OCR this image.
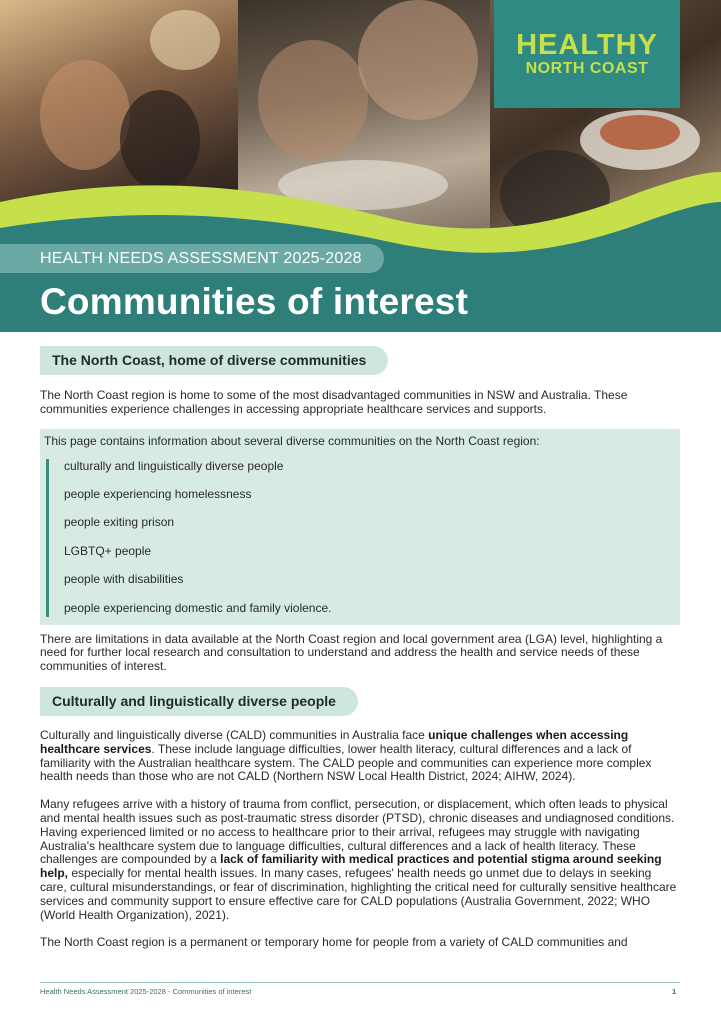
HEALTHY
NORTH COAST
HEALTH NEEDS ASSESSMENT 2025-2028
Communities of interest
The North Coast, home of diverse communities

The North Coast region is home to some of the most disadvantaged communities in NSW and Australia. These communities experience challenges in accessing appropriate healthcare services and supports.

This page contains information about several diverse communities on the North Coast region:
culturally and linguistically diverse people
people experiencing homelessness
people exiting prison
LGBTQ+ people
people with disabilities
people experiencing domestic and family violence.

There are limitations in data available at the North Coast region and local government area (LGA) level, highlighting a need for further local research and consultation to understand and address the health and service needs of these communities of interest.

Culturally and linguistically diverse people

Culturally and linguistically diverse (CALD) communities in Australia face unique challenges when accessing healthcare services. These include language difficulties, lower health literacy, cultural differences and a lack of familiarity with the Australian healthcare system. The CALD people and communities can experience more complex health needs than those who are not CALD (Northern NSW Local Health District, 2024; AIHW, 2024).

Many refugees arrive with a history of trauma from conflict, persecution, or displacement, which often leads to physical and mental health issues such as post-traumatic stress disorder (PTSD), chronic diseases and undiagnosed conditions. Having experienced limited or no access to healthcare prior to their arrival, refugees may struggle with navigating Australia's healthcare system due to language difficulties, cultural differences and a lack of health literacy. These challenges are compounded by a lack of familiarity with medical practices and potential stigma around seeking help, especially for mental health issues. In many cases, refugees' health needs go unmet due to delays in seeking care, cultural misunderstandings, or fear of discrimination, highlighting the critical need for culturally sensitive healthcare services and community support to ensure effective care for CALD populations (Australia Government, 2022; WHO (World Health Organization), 2021).

The North Coast region is a permanent or temporary home for people from a variety of CALD communities and

Health Needs Assessment 2025-2028 - Communities of interest	1
